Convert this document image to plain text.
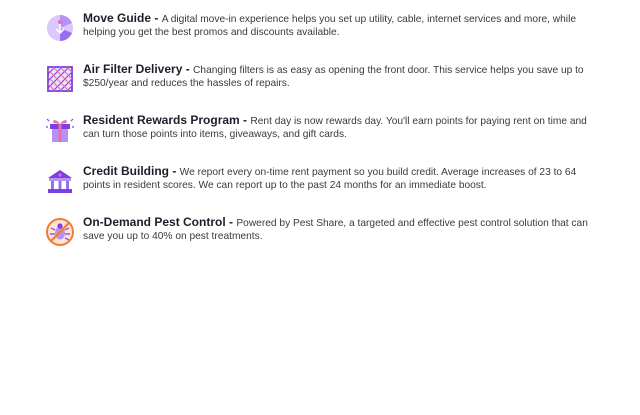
Move Guide - A digital move-in experience helps you set up utility, cable, internet services and more, while helping you get the best promos and discounts available.
Air Filter Delivery - Changing filters is as easy as opening the front door. This service helps you save up to $250/year and reduces the hassles of repairs.
Resident Rewards Program - Rent day is now rewards day. You'll earn points for paying rent on time and can turn those points into items, giveaways, and gift cards.
Credit Building - We report every on-time rent payment so you build credit. Average increases of 23 to 64 points in resident scores. We can report up to the past 24 months for an immediate boost.
On-Demand Pest Control - Powered by Pest Share, a targeted and effective pest control solution that can save you up to 40% on pest treatments.
